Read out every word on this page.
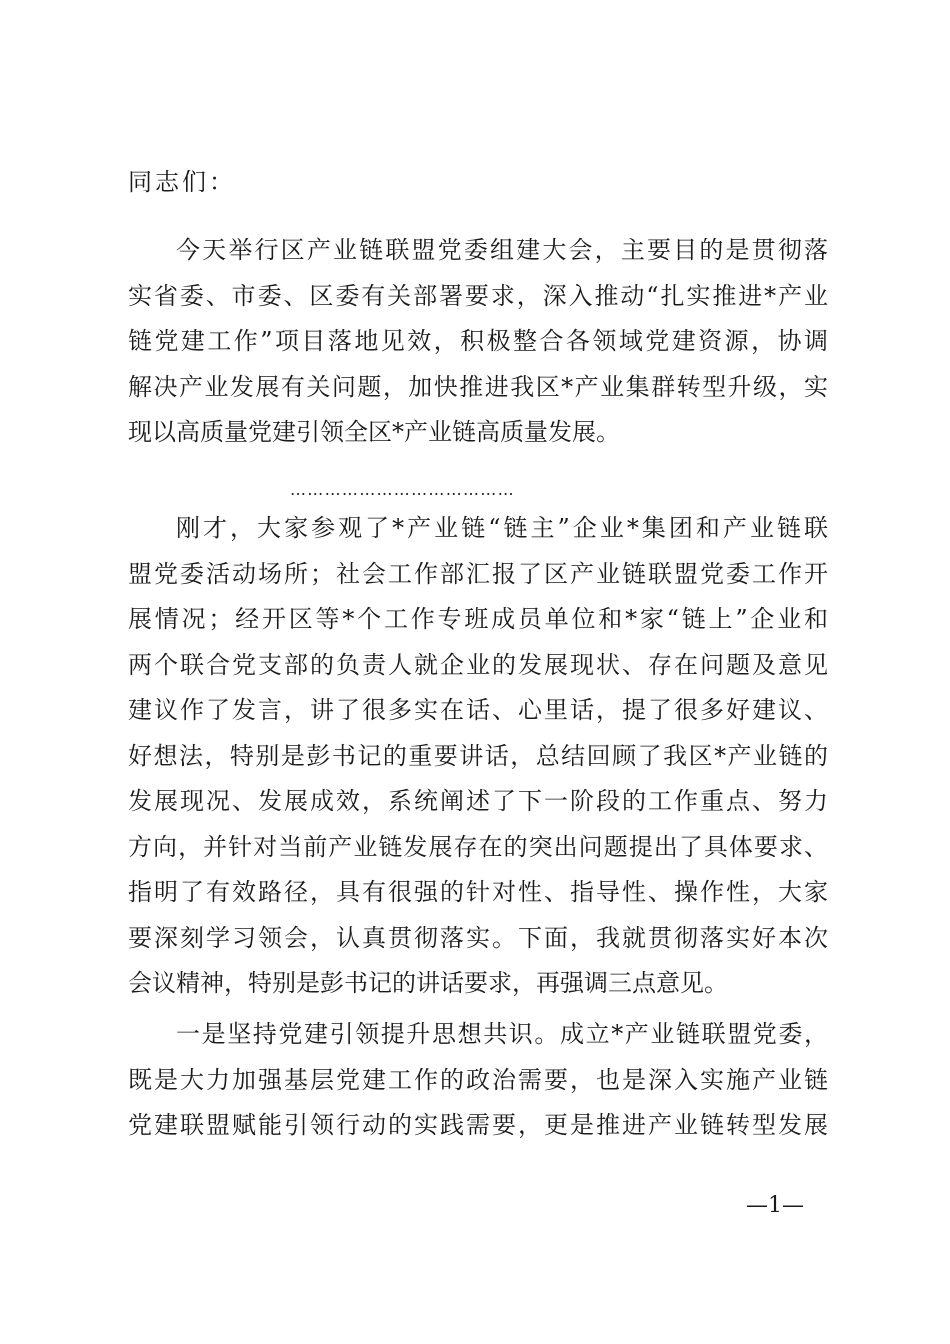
同志们：
今天举行区产业链联盟党委组建大会，主要目的是贯彻落
实省委、市委、区委有关部署要求，深入推动“扎实推进*产业
链党建工作”项目落地见效，积极整合各领域党建资源，协调
解决产业发展有关问题，加快推进我区*产业集群转型升级，实
现以高质量党建引领全区*产业链高质量发展。
…………………………………
刚才，大家参观了*产业链“链主”企业*集团和产业链联
盟党委活动场所；社会工作部汇报了区产业链联盟党委工作开
展情况；经开区等*个工作专班成员单位和*家“链上”企业和
两个联合党支部的负责人就企业的发展现状、存在问题及意见
建议作了发言，讲了很多实在话、心里话，提了很多好建议、
好想法，特别是彭书记的重要讲话，总结回顾了我区*产业链的
发展现况、发展成效，系统阐述了下一阶段的工作重点、努力
方向，并针对当前产业链发展存在的突出问题提出了具体要求、
指明了有效路径，具有很强的针对性、指导性、操作性，大家
要深刻学习领会，认真贯彻落实。下面，我就贯彻落实好本次
会议精神，特别是彭书记的讲话要求，再强调三点意见。
一是坚持党建引领提升思想共识。成立*产业链联盟党委，
既是大力加强基层党建工作的政治需要，也是深入实施产业链
党建联盟赋能引领行动的实践需要，更是推进产业链转型发展
—1—
